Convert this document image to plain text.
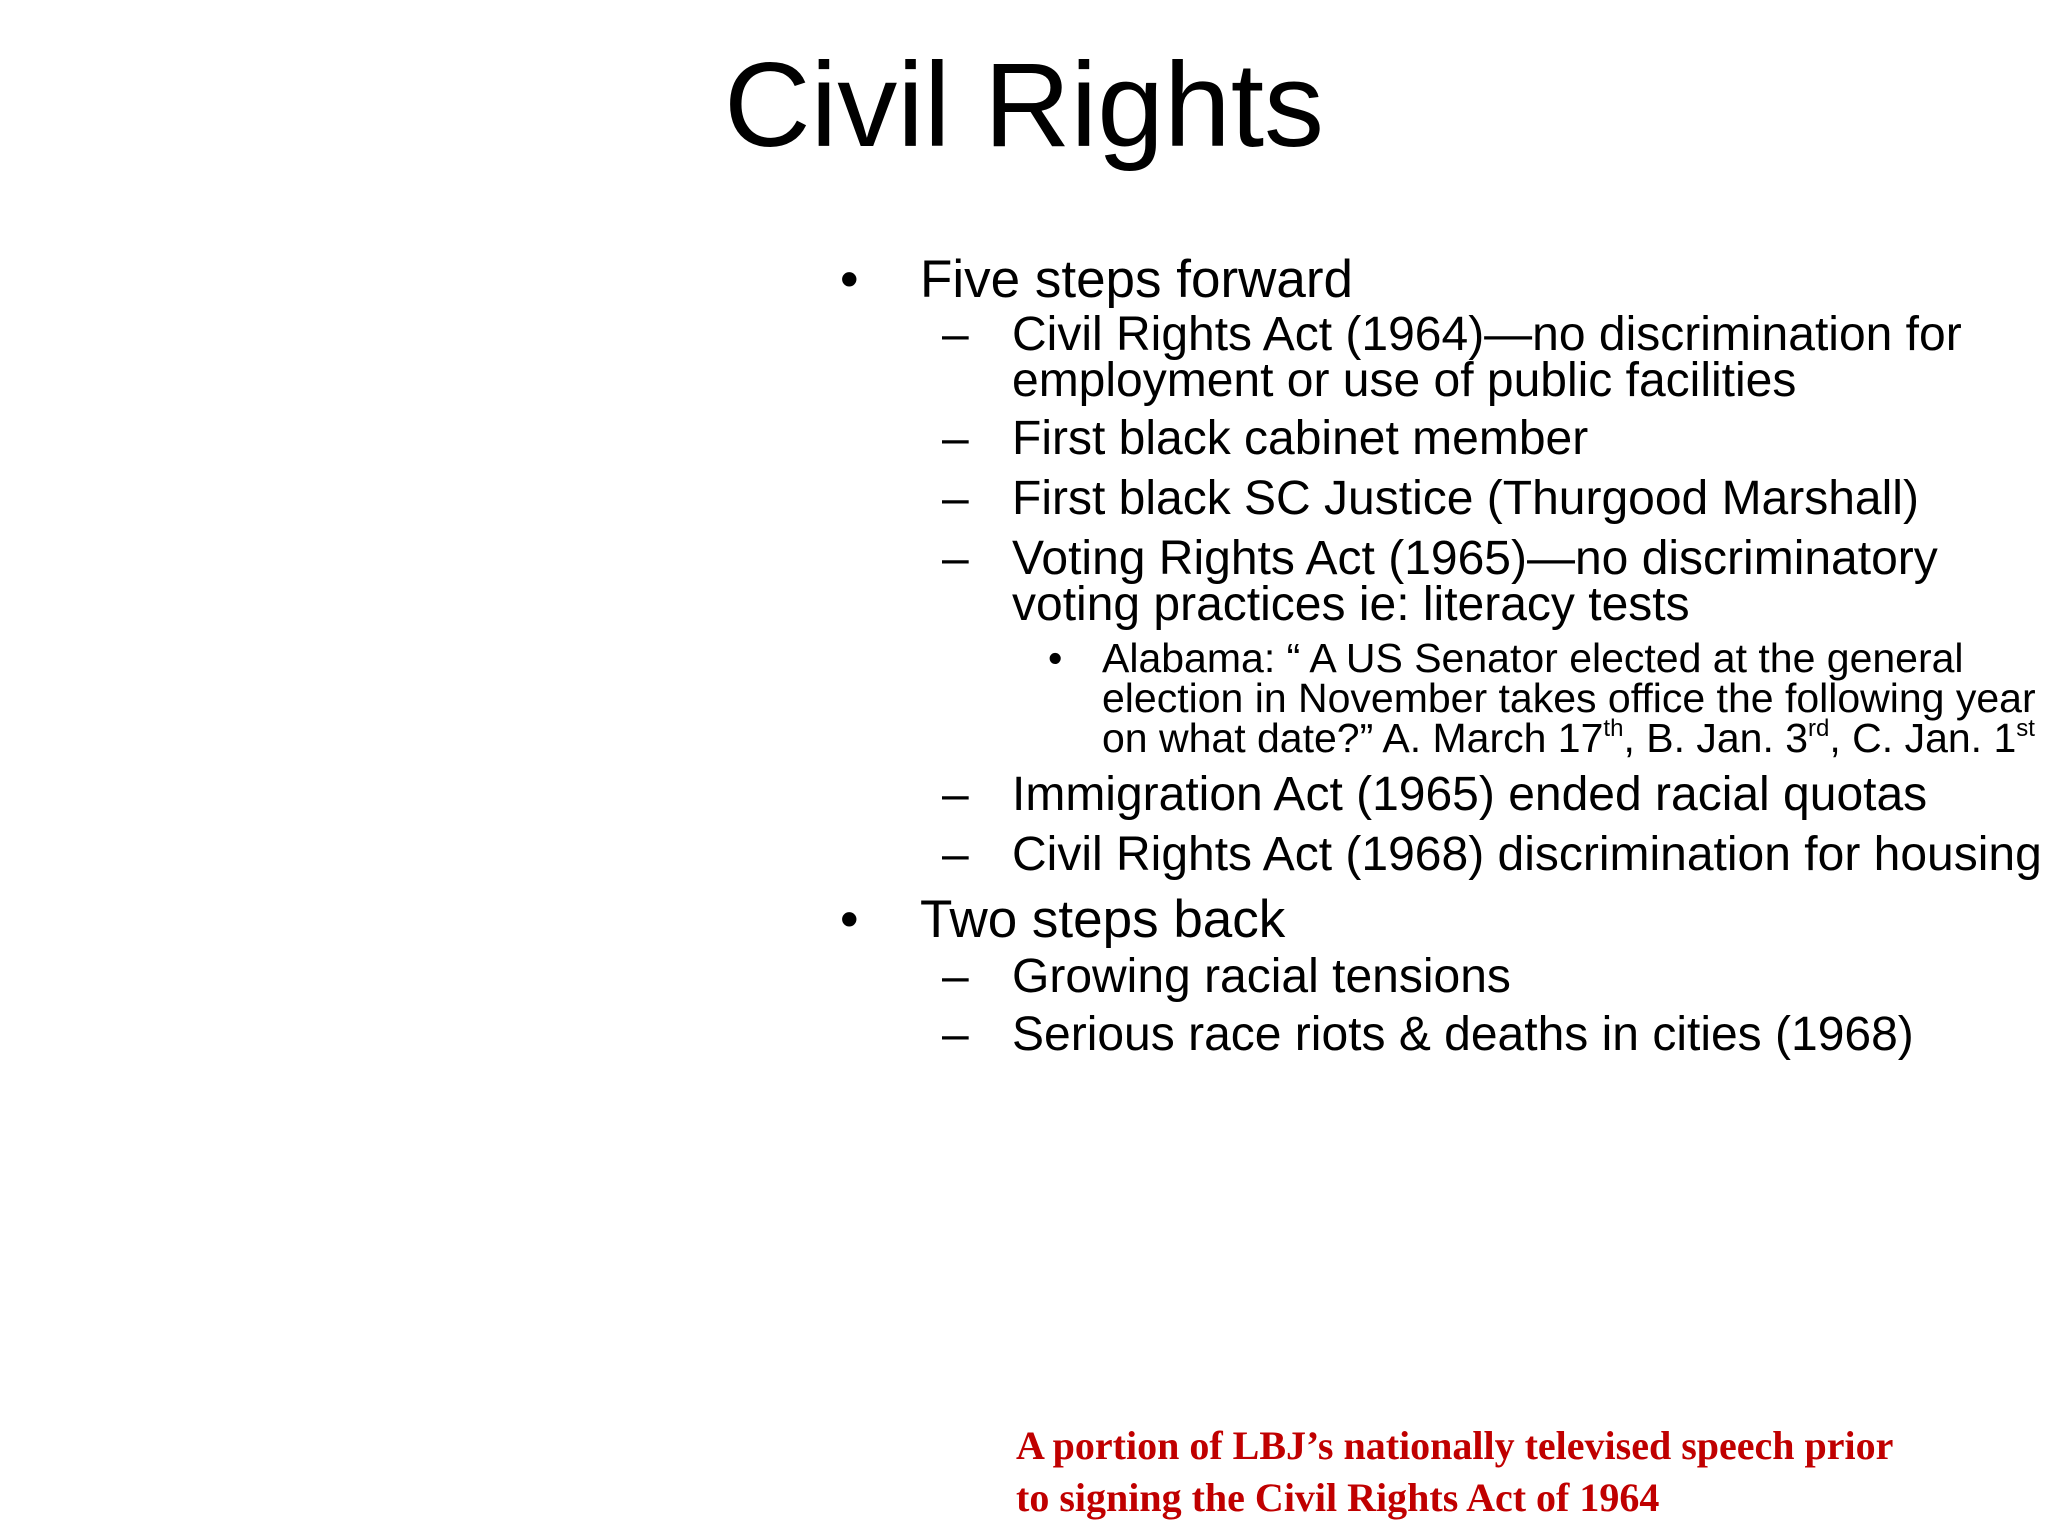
Civil Rights
• Five steps forward
– Civil Rights Act (1964)—no discrimination for employment or use of public facilities
– First black cabinet member
– First black SC Justice (Thurgood Marshall)
– Voting Rights Act (1965)—no discriminatory voting practices ie: literacy tests
• Alabama: “ A US Senator elected at the general election in November takes office the following year on what date?” A. March 17th, B. Jan. 3rd, C. Jan. 1st
– Immigration Act (1965) ended racial quotas
– Civil Rights Act (1968) discrimination for housing
• Two steps back
– Growing racial tensions
– Serious race riots & deaths in cities (1968)
A portion of LBJ’s nationally televised speech prior
to signing the Civil Rights Act of 1964
